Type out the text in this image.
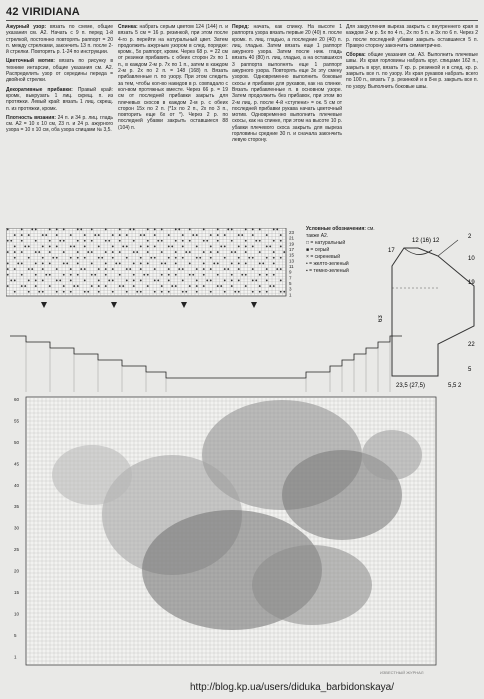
42 VIRIDIANA

Ажурный узор: вязать по схеме, общие указания см. А2. Начать с 9 п. перед 1-й стрелкой, постоянно повторять раппорт = 20 п. между стрелками, закончить 13 п. после 2-й стрелки. Повторять р. 1-24 по инструкции.

Цветочный мотив: вязать по рисунку в технике интарсии, общие указания см. А2. Распределить узор от середины переда = двойной стрелки.

Декоративные прибавки: Правый край: кромк, выкрузать 1 лиц. скрещ. п. из протяжки. Левый край: вязать 1 лиц. скрещ. п. из протяжки, кромк.

Плотность вязания: 24 п. и 34 р. лиц. гладь см. А2 = 10 х 10 см, 23 п. и 24 р. ажурного узора = 10 х 10 см, оба узора спицами № 3,5.

Спинка: набрать серым цветом 124 (144) п. и вязать 5 см = 16 р. резинкой, при этом после 4-го р. перейти на натуральный цвет. Затем продолжить ажурным узором в след. порядке: кромк., 5х раппорт, кромк. Через 68 р. = 22 см от резинки прибавить с обеих сторон 2х по 1 п., в каждом 2-м р. 7х по 1 п., затем в каждом 2-м р. 2х по 2 п. = 148 (168) п. Вязать прибавленные п. по узору. При этом следить за тем, чтобы кол-во накидов в р. совпадало с кол-вом протяжных вместе. Через 66 р. = 19 см от последней прибавки закрыть для плечевых скосов в каждом 2-м р. с обеих сторон 15х по 2 п. (*1х по 2 п., 2х по 3 п., повторить еще 6х от *). Через 2 р. по последней убавки закрыть оставшиеся 88 (104) п.

Перед: начать, как спинку. На высоте 1 раппорта узора вязать первые 20 (40) п. после кромк. п. лиц. гладью, а последние 20 (40) п. лиц. гладью. Затем вязать еще 1 раппорт ажурного узора. Затем после ниж. гладь вязать 40 (80) п. лиц. гладью, а на оставшихся 3 раппорта выполнять еще 1 раппорт ажурного узора. Повторять еще 3х эту смену узоров. Одновременно выполнить боковые скосы и прибавки для рукавов, как на спинке. Вязать прибавленные п. в основном узоре. Затем продолжить без прибавок, при этом во 2-м лиц. р. после 4-й «ступени» = ок. 5 см от последней прибавки рукава начать цветочный мотив. Одновременно выполнить плечевые скосы, как на спинке, при этом на высоте 10 р. убавки плечевого скоса закрыть для выреза горловины средние 30 п. и сначала закончить левую сторону.

Для закругления выреза закрыть с внутреннего края в каждом 2-м р. 5х по 4 п., 2х по 5 п. и 3х по 6 п. Через 2 р. после последней убавки закрыть оставшиеся 5 п. Правую сторону закончить симметрично.

Сборка: общие указания см. А3. Выполнить плечевые швы. Из края горловины набрать круг. спицами 162 п., закрыть в круг, вязать 7 кр. р. резинкой и в след. кр. р. закрыть все п. по узору. Из края рукавов набрать всего по 100 п., вязать 7 р. резинкой и в 8-м р. закрыть все п. по узору. Выполнить боковые швы.

23
21
19
17
15
13
11
9
7
5
3
1
Условные обозначения: см. также А2.
□ = натуральный
■ = серый
× = сиреневый
• = желто-зеленый
▪ = темно-зеленый
17
12 (16) 12
2
10
19
63
22
5
23,5 (27,5)	5,5 2
60
55
50
45
40
35
30
25
20
15
10
5
1
ИЗВЕСТНЫЙ ЖУРНАЛ
http://blog.kp.ua/users/diduka_barbidonskaya/
